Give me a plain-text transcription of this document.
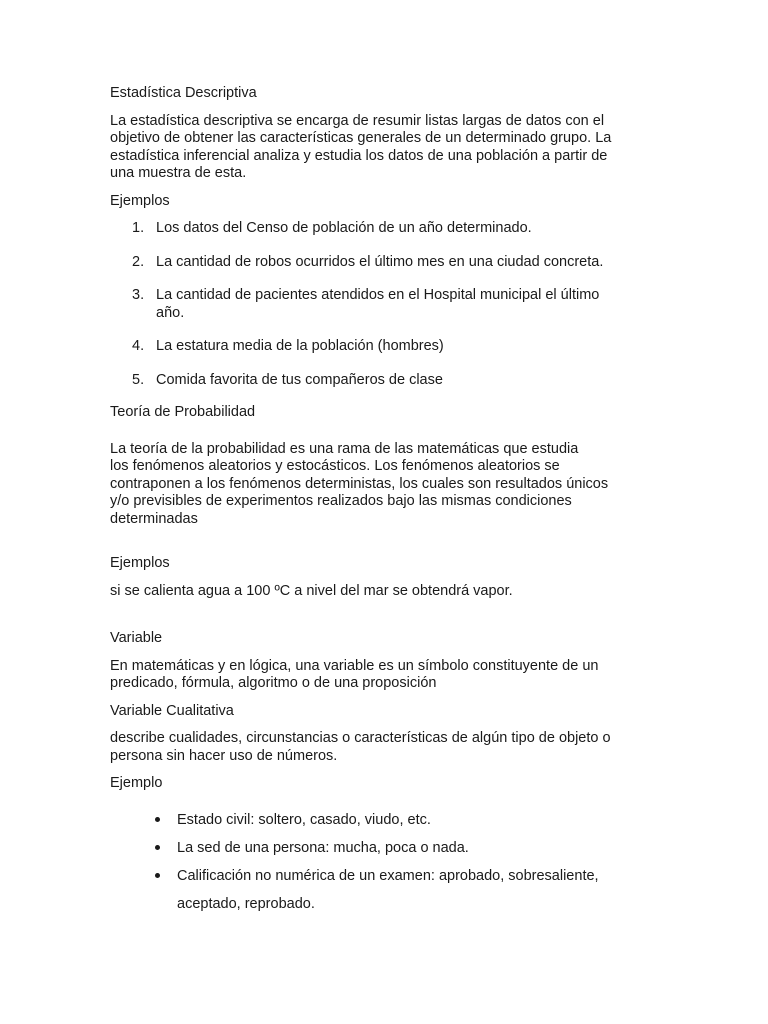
Estadística Descriptiva

La estadística descriptiva se encarga de resumir listas largas de datos con el
objetivo de obtener las características generales de un determinado grupo. La
estadística inferencial analiza y estudia los datos de una población a partir de
una muestra de esta.

Ejemplos

1. Los datos del Censo de población de un año determinado.
2. La cantidad de robos ocurridos el último mes en una ciudad concreta.
3. La cantidad de pacientes atendidos en el Hospital municipal el último
año.
4. La estatura media de la población (hombres)
5. Comida favorita de tus compañeros de clase

Teoría de Probabilidad

La teoría de la probabilidad es una rama de las matemáticas que estudia
los fenómenos aleatorios y estocásticos. Los fenómenos aleatorios se
contraponen a los fenómenos deterministas, los cuales son resultados únicos
y/o previsibles de experimentos realizados bajo las mismas condiciones
determinadas

Ejemplos

si se calienta agua a 100 ºC a nivel del mar se obtendrá vapor.

Variable

En matemáticas y en lógica, una variable es un símbolo constituyente de un
predicado, fórmula, algoritmo o de una proposición

Variable Cualitativa

describe cualidades, circunstancias o características de algún tipo de objeto o
persona sin hacer uso de números.

Ejemplo

Estado civil: soltero, casado, viudo, etc.
La sed de una persona: mucha, poca o nada.
Calificación no numérica de un examen: aprobado, sobresaliente,
aceptado, reprobado.
